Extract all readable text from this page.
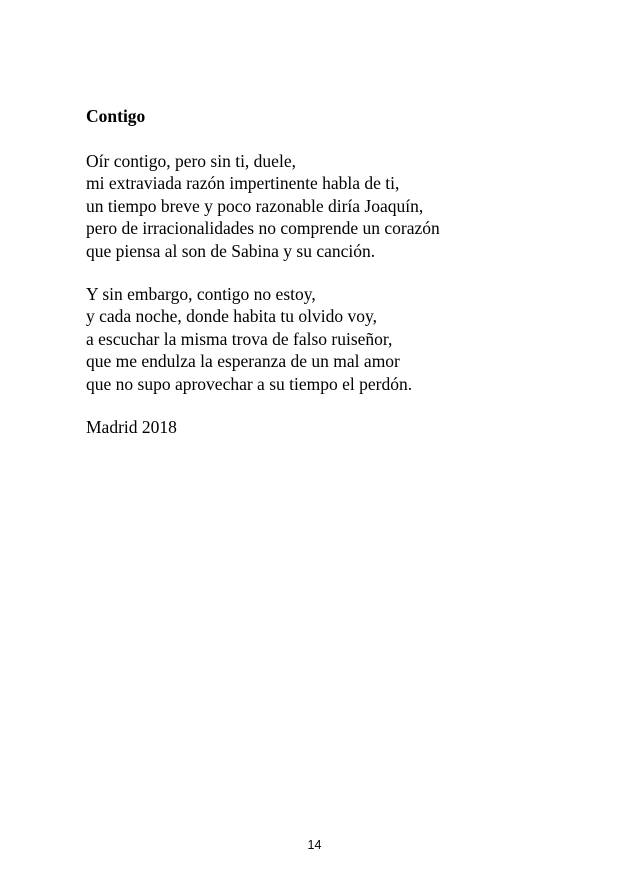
Contigo
Oír contigo, pero sin ti, duele,
mi extraviada razón impertinente habla de ti,
un tiempo breve y poco razonable diría Joaquín,
pero de irracionalidades no comprende un corazón
que piensa al son de Sabina y su canción.
Y sin embargo, contigo no estoy,
y cada noche, donde habita tu olvido voy,
a escuchar la misma trova de falso ruiseñor,
que me endulza la esperanza de un mal amor
que no supo aprovechar a su tiempo el perdón.
Madrid 2018
14
